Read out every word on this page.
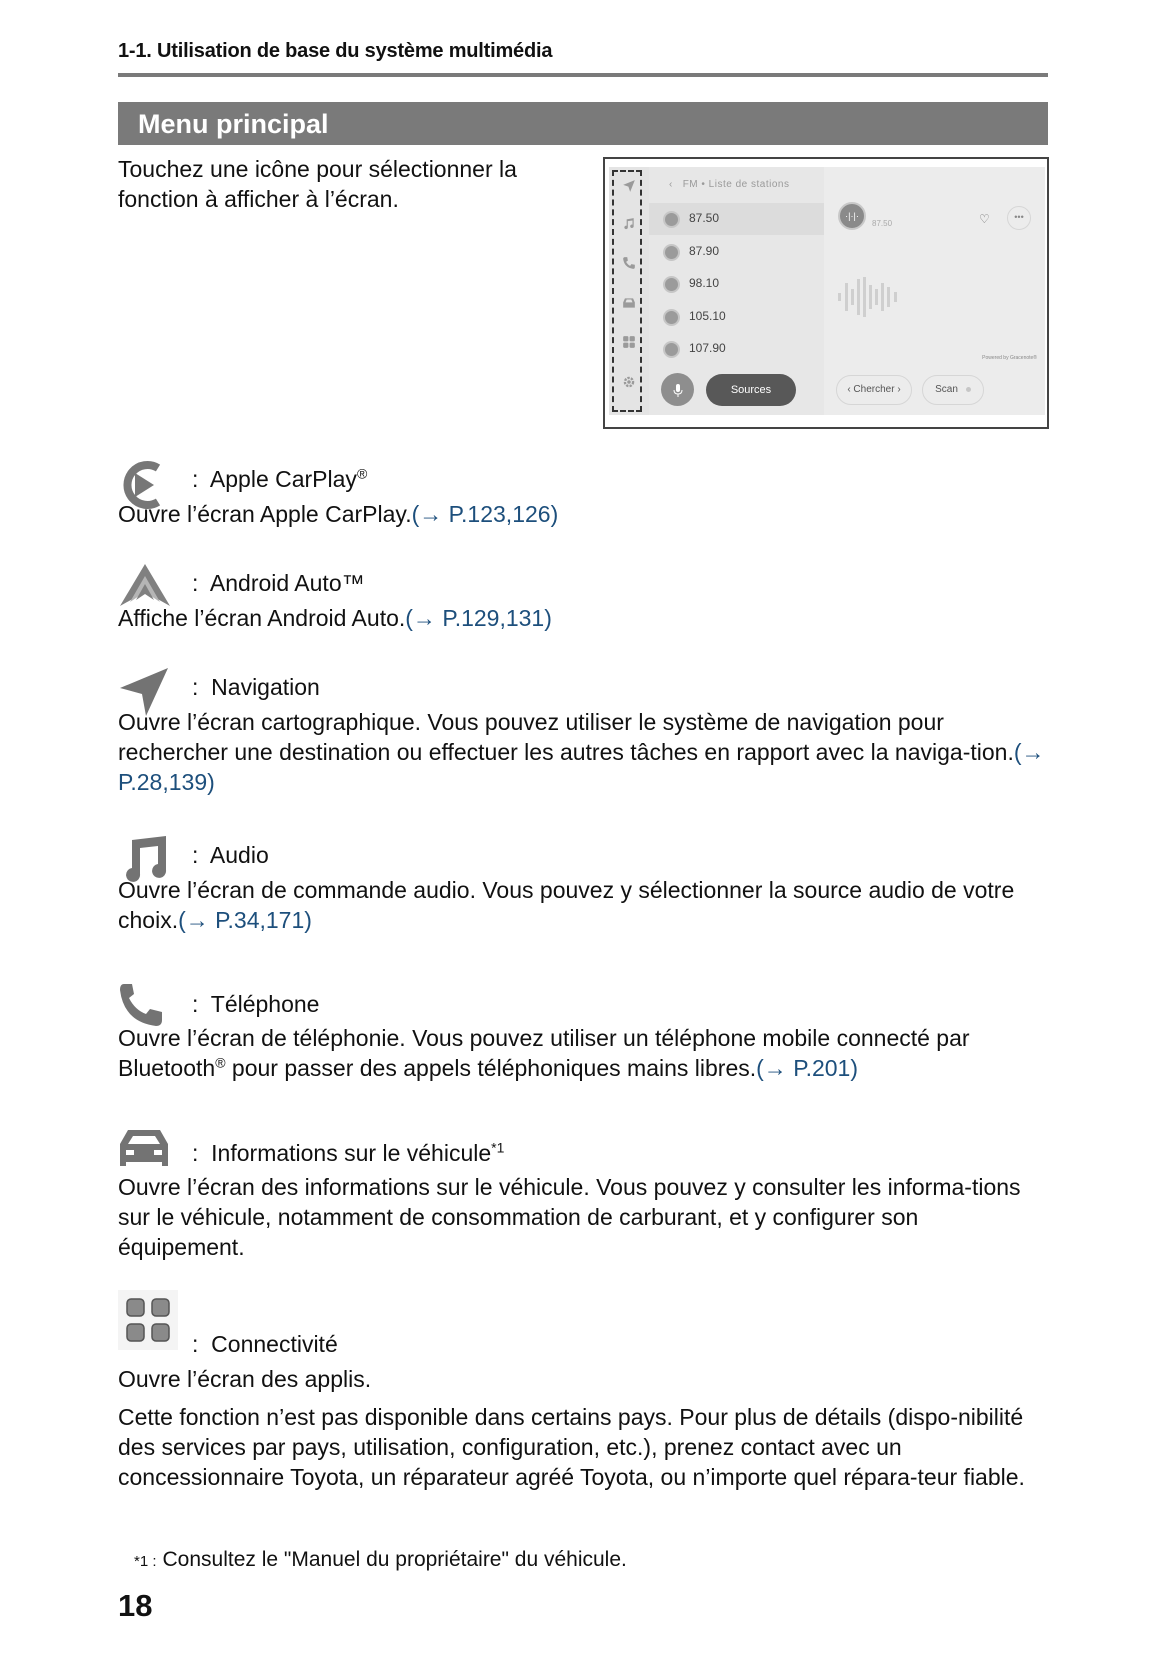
1-1. Utilisation de base du système multimédia
Menu principal
Touchez une icône pour sélectionner la fonction à afficher à l’écran.
‹ FM • Liste de stations
87.50
87.90
98.10
105.10
107.90
Sources
·|·|·
87.50	♡	•••
Powered by Gracenote®
‹ Chercher ›	Scan
: Apple CarPlay®
Ouvre l’écran Apple CarPlay.(→ P.123,126)
: Android Auto™
Affiche l’écran Android Auto.(→ P.129,131)
: Navigation
Ouvre l’écran cartographique. Vous pouvez utiliser le système de navigation pour rechercher une destination ou effectuer les autres tâches en rapport avec la naviga-tion.(→ P.28,139)
: Audio
Ouvre l’écran de commande audio. Vous pouvez y sélectionner la source audio de votre choix.(→ P.34,171)
: Téléphone
Ouvre l’écran de téléphonie. Vous pouvez utiliser un téléphone mobile connecté par Bluetooth® pour passer des appels téléphoniques mains libres.(→ P.201)
: Informations sur le véhicule$^{*1}$
Ouvre l’écran des informations sur le véhicule. Vous pouvez y consulter les informa-tions sur le véhicule, notamment de consommation de carburant, et y configurer son équipement.
: Connectivité
Ouvre l’écran des applis.
Cette fonction n’est pas disponible dans certains pays. Pour plus de détails (dispo-nibilité des services par pays, utilisation, configuration, etc.), prenez contact avec un concessionnaire Toyota, un réparateur agréé Toyota, ou n’importe quel répara-teur fiable.
*1 : Consultez le "Manuel du propriétaire" du véhicule.
18
